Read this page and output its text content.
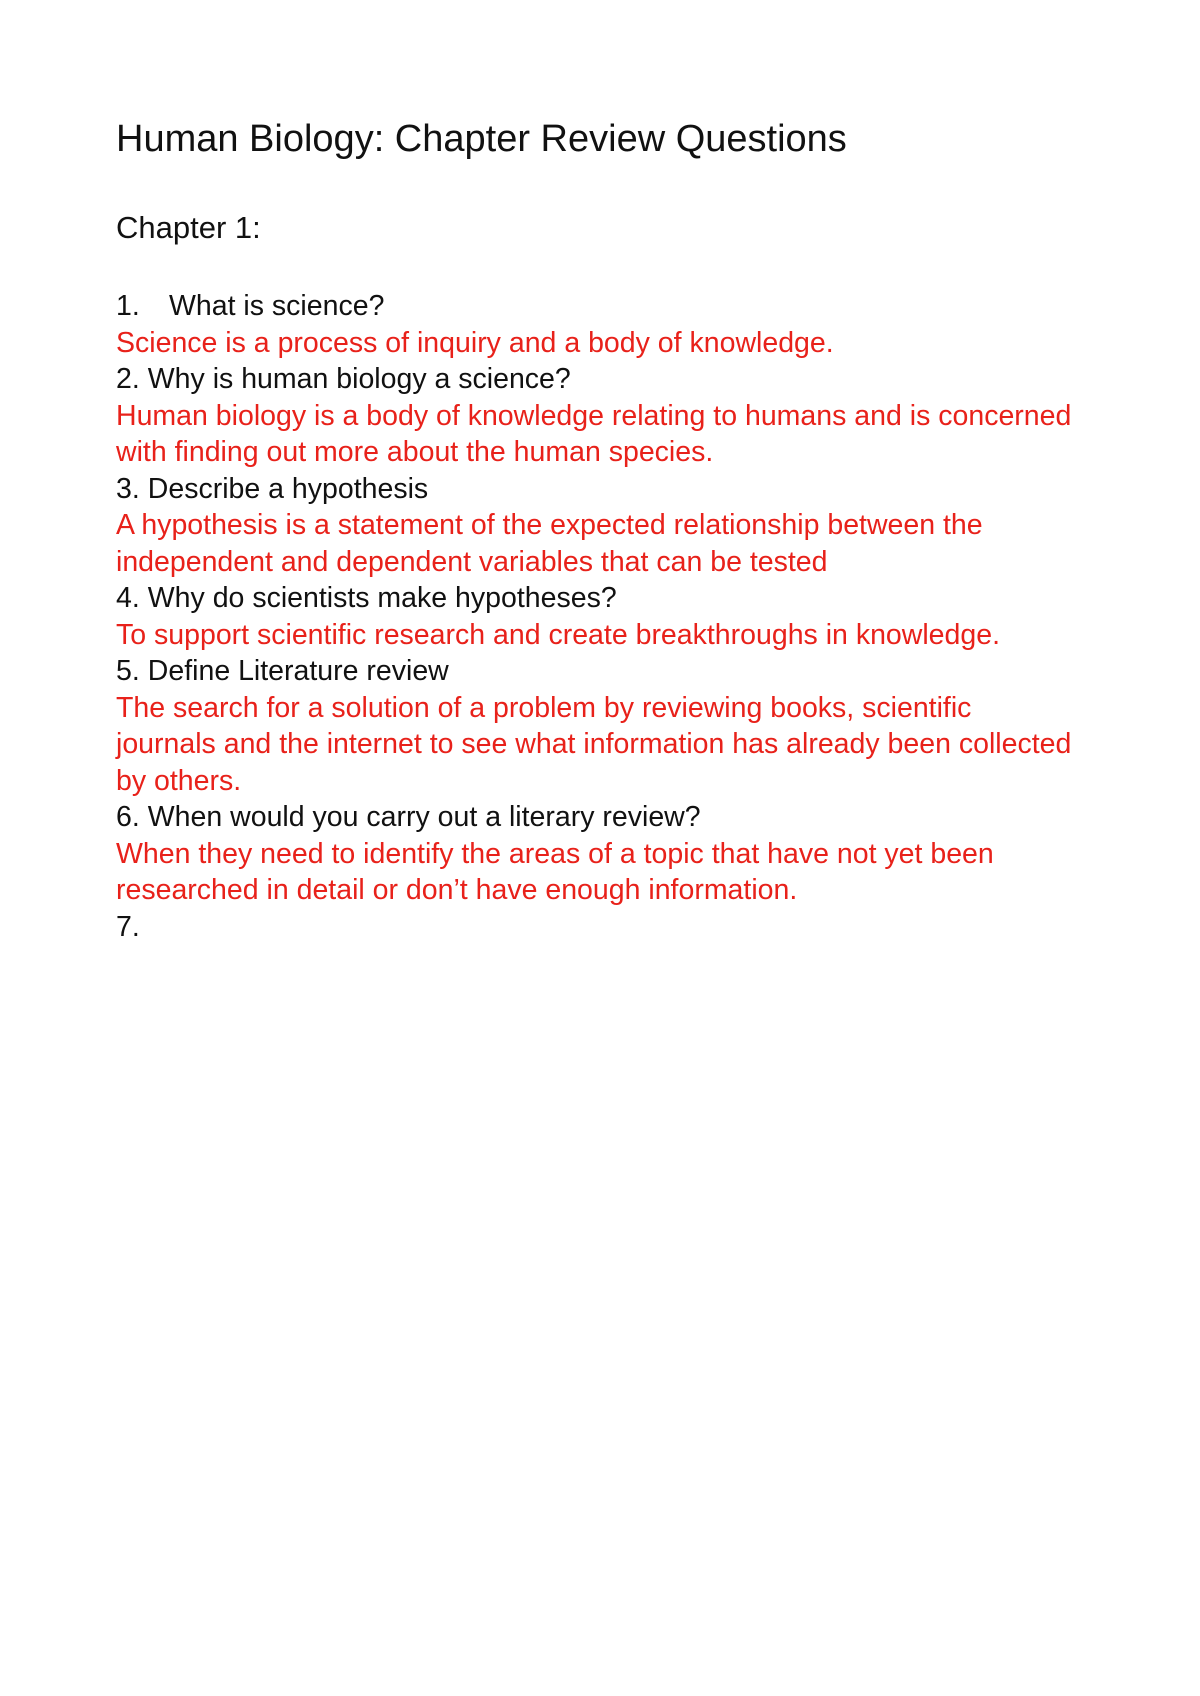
Human Biology: Chapter Review Questions
Chapter 1:

1. What is science?

Science is a process of inquiry and a body of knowledge.

2. Why is human biology a science?

Human biology is a body of knowledge relating to humans and is concerned with finding out more about the human species.

3. Describe a hypothesis

A hypothesis is a statement of the expected relationship between the independent and dependent variables that can be tested

4. Why do scientists make hypotheses?

To support scientific research and create breakthroughs in knowledge.

5. Define Literature review

The search for a solution of a problem by reviewing books, scientific journals and the internet to see what information has already been collected by others.

6. When would you carry out a literary review?

When they need to identify the areas of a topic that have not yet been researched in detail or don’t have enough information.

7.
